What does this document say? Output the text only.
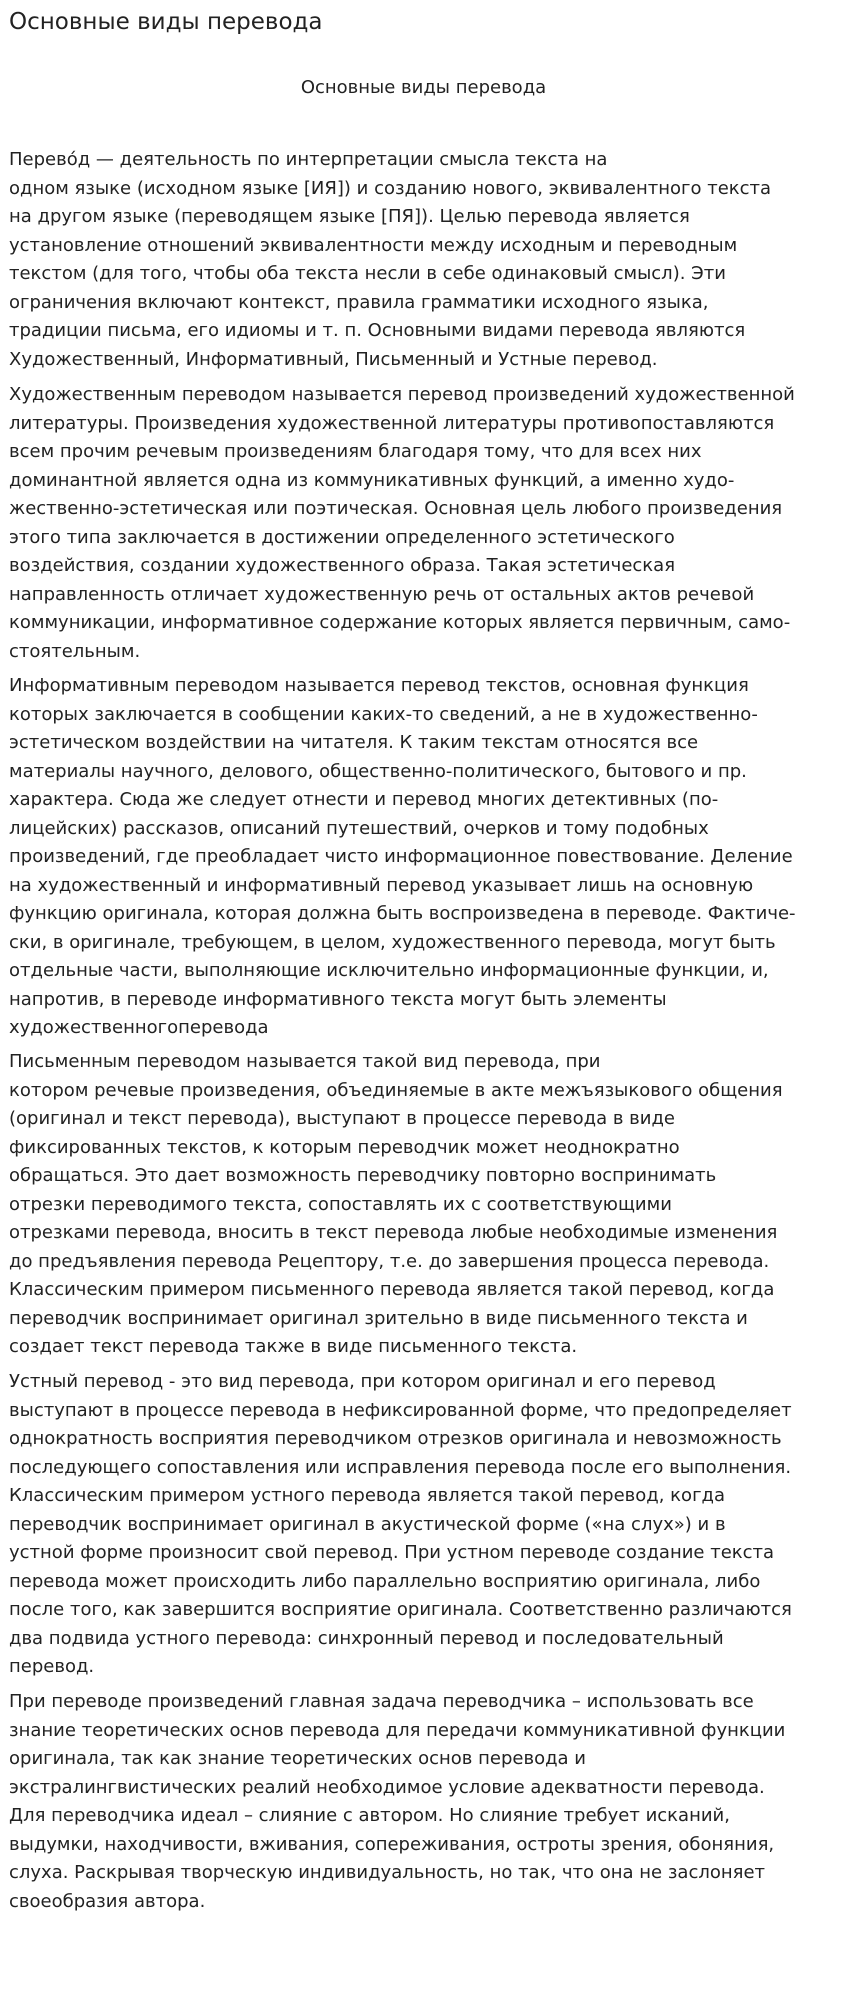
Основные виды перевода
Основные виды перевода

Перево́д — деятельность по интерпретации смысла текста на
одном языке (исходном языке [ИЯ]) и созданию нового, эквивалентного текста
на другом языке (переводящем языке [ПЯ]). Целью перевода является
установление отношений эквивалентности между исходным и переводным
текстом (для того, чтобы оба текста несли в себе одинаковый смысл). Эти
ограничения включают контекст, правила грамматики исходного языка,
традиции письма, его идиомы и т. п. Основными видами перевода являются
Художественный, Информативный, Письменный и Устные перевод.

Художественным переводом называется перевод произведений художественной
литературы. Произведения художественной литературы противопоставляются
всем прочим речевым произведениям благодаря тому, что для всех них
доминантной является одна из коммуникативных функций, а именно худо-
жественно-эстетическая или поэтическая. Основная цель любого произведения
этого типа заключается в достижении определенного эстетического
воздействия, создании художественного образа. Такая эстетическая
направленность отличает художественную речь от остальных актов речевой
коммуникации, информативное содержание которых является первичным, само-
стоятельным.

Информативным переводом называется перевод текстов, основная функция
которых заключается в сообщении каких-то сведений, а не в художественно-
эстетическом воздействии на читателя. К таким текстам относятся все
материалы научного, делового, общественно-политического, бытового и пр.
характера. Сюда же следует отнести и перевод многих детективных (по-
лицейских) рассказов, описаний путешествий, очерков и тому подобных
произведений, где преобладает чисто информационное повествование. Деление
на художественный и информативный перевод указывает лишь на основную
функцию оригинала, которая должна быть воспроизведена в переводе. Фактиче-
ски, в оригинале, требующем, в целом, художественного перевода, могут быть
отдельные части, выполняющие исключительно информационные функции, и,
напротив, в переводе информативного текста могут быть элементы
художественногоперевода

Письменным переводом называется такой вид перевода, при
котором речевые произведения, объединяемые в акте межъязыкового общения
(оригинал и текст перевода), выступают в процессе перевода в виде
фиксированных текстов, к которым переводчик может неоднократно
обращаться. Это дает возможность переводчику повторно воспринимать
отрезки переводимого текста, сопоставлять их с соответствующими
отрезками перевода, вносить в текст перевода любые необходимые изменения
до предъявления перевода Рецептору, т.е. до завершения процесса перевода.
Классическим примером письменного перевода является такой перевод, когда
переводчик воспринимает оригинал зрительно в виде письменного текста и
создает текст перевода также в виде письменного текста.

Устный перевод - это вид перевода, при котором оригинал и его перевод
выступают в процессе перевода в нефиксированной форме, что предопределяет
однократность восприятия переводчиком отрезков оригинала и невозможность
последующего сопоставления или исправления перевода после его выполнения.
Классическим примером устного перевода является такой перевод, когда
переводчик воспринимает оригинал в акустической форме («на слух») и в
устной форме произносит свой перевод. При устном переводе создание текста
перевода может происходить либо параллельно восприятию оригинала, либо
после того, как завершится восприятие оригинала. Соответственно различаются
два подвида устного перевода: синхронный перевод и последовательный
перевод.

При переводе произведений главная задача переводчика – использовать все
знание теоретических основ перевода для передачи коммуникативной функции
оригинала, так как знание теоретических основ перевода и
экстралингвистических реалий необходимое условие адекватности перевода.
Для переводчика идеал – слияние с автором. Но слияние требует исканий,
выдумки, находчивости, вживания, сопереживания, остроты зрения, обоняния,
слуха. Раскрывая творческую индивидуальность, но так, что она не заслоняет
своеобразия автора.
